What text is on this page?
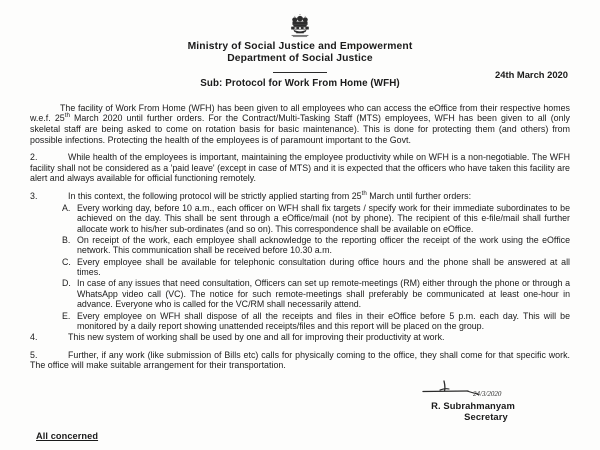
Ministry of Social Justice and Empowerment
Department of Social Justice
24th March 2020
Sub: Protocol for Work From Home (WFH)

The facility of Work From Home (WFH) has been given to all employees who can access the eOffice from their respective homes w.e.f. 25th March 2020 until further orders. For the Contract/Multi-Tasking Staff (MTS) employees, WFH has been given to all (only skeletal staff are being asked to come on rotation basis for basic maintenance). This is done for protecting them (and others) from possible infections. Protecting the health of the employees is of paramount important to the Govt.

2.	While health of the employees is important, maintaining the employee productivity while on WFH is a non-negotiable. The WFH facility shall not be considered as a 'paid leave' (except in case of MTS) and it is expected that the officers who have taken this facility are alert and always available for official functioning remotely.

3.	In this context, the following protocol will be strictly applied starting from 25th March until further orders:

A. Every working day, before 10 a.m., each officer on WFH shall fix targets / specify work for their immediate subordinates to be achieved on the day. This shall be sent through a eOffice/mail (not by phone). The recipient of this e-file/mail shall further allocate work to his/her sub-ordinates (and so on). This correspondence shall be available on eOffice.
B. On receipt of the work, each employee shall acknowledge to the reporting officer the receipt of the work using the eOffice network. This communication shall be received before 10.30 a.m.
C. Every employee shall be available for telephonic consultation during office hours and the phone shall be answered at all times.
D. In case of any issues that need consultation, Officers can set up remote-meetings (RM) either through the phone or through a WhatsApp video call (VC). The notice for such remote-meetings shall preferably be communicated at least one-hour in advance. Everyone who is called for the VC/RM shall necessarily attend.
E. Every employee on WFH shall dispose of all the receipts and files in their eOffice before 5 p.m. each day. This will be monitored by a daily report showing unattended receipts/files and this report will be placed on the group.

4.	This new system of working shall be used by one and all for improving their productivity at work.

5.	Further, if any work (like submission of Bills etc) calls for physically coming to the office, they shall come for that specific work. The office will make suitable arrangement for their transportation.

24/3/2020
R. Subrahmanyam
Secretary
All concerned
